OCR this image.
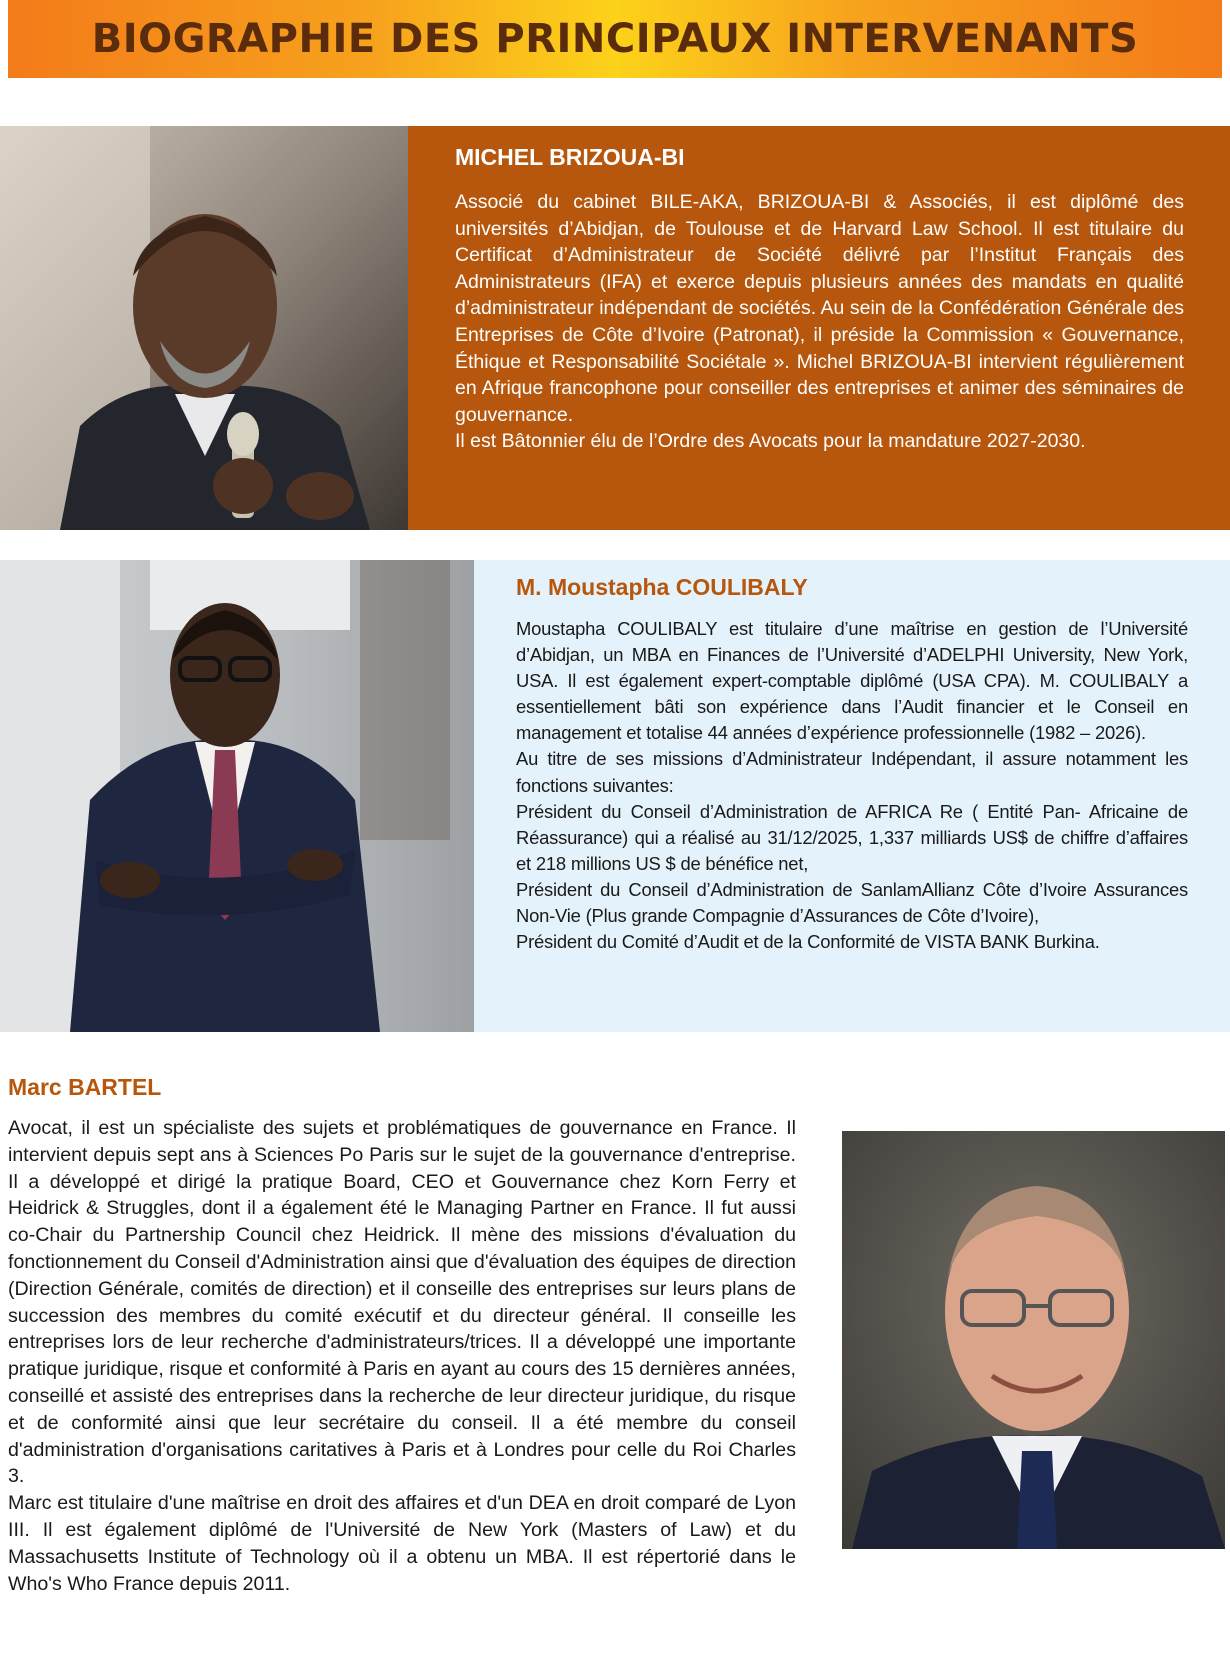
BIOGRAPHIE DES PRINCIPAUX INTERVENANTS
MICHEL BRIZOUA-BI

Associé du cabinet BILE-AKA, BRIZOUA-BI & Associés, il est diplômé des universités d’Abidjan, de Toulouse et de Harvard Law School. Il est titulaire du Certificat d’Administrateur de Société délivré par l’Institut Français des Administrateurs (IFA) et exerce depuis plusieurs années des mandats en qualité d’administrateur indépendant de sociétés. Au sein de la Confédération Générale des Entreprises de Côte d’Ivoire (Patronat), il préside la Commission « Gouvernance, Éthique et Responsabilité Sociétale ». Michel BRIZOUA-BI intervient régulièrement en Afrique francophone pour conseiller des entreprises et animer des séminaires de gouvernance.

Il est Bâtonnier élu de l’Ordre des Avocats pour la mandature 2027-2030.

M. Moustapha COULIBALY

Moustapha COULIBALY est titulaire d’une maîtrise en gestion de l’Université d’Abidjan, un MBA en Finances de l’Université d’ADELPHI University, New York, USA. Il est également expert-comptable diplômé (USA CPA). M. COULIBALY a essentiellement bâti son expérience dans l’Audit financier et le Conseil en management et totalise 44 années d’expérience professionnelle (1982 – 2026).

Au titre de ses missions d’Administrateur Indépendant, il assure notamment les fonctions suivantes:

Président du Conseil d’Administration de AFRICA Re ( Entité Pan- Africaine de Réassurance) qui a réalisé au 31/12/2025, 1,337 milliards US$ de chiffre d’affaires et 218 millions US $ de bénéfice net,

Président du Conseil d’Administration de SanlamAllianz Côte d’Ivoire Assurances Non-Vie (Plus grande Compagnie d’Assurances de Côte d’Ivoire),

Président du Comité d’Audit et de la Conformité de VISTA BANK Burkina.

Marc BARTEL

Avocat, il est un spécialiste des sujets et problématiques de gouvernance en France. Il intervient depuis sept ans à Sciences Po Paris sur le sujet de la gouvernance d'entreprise. Il a développé et dirigé la pratique Board, CEO et Gouvernance chez Korn Ferry et Heidrick & Struggles, dont il a également été le Managing Partner en France. Il fut aussi co-Chair du Partnership Council chez Heidrick. Il mène des missions d'évaluation du fonctionnement du Conseil d'Administration ainsi que d'évaluation des équipes de direction (Direction Générale, comités de direction) et il conseille des entreprises sur leurs plans de succession des membres du comité exécutif et du directeur général. Il conseille les entreprises lors de leur recherche d'administrateurs/trices. Il a développé une importante pratique juridique, risque et conformité à Paris en ayant au cours des 15 dernières années, conseillé et assisté des entreprises dans la recherche de leur directeur juridique, du risque et de conformité ainsi que leur secrétaire du conseil. Il a été membre du conseil d'administration d'organisations caritatives à Paris et à Londres pour celle du Roi Charles 3.

Marc est titulaire d'une maîtrise en droit des affaires et d'un DEA en droit comparé de Lyon III. Il est également diplômé de l'Université de New York (Masters of Law) et du Massachusetts Institute of Technology où il a obtenu un MBA. Il est répertorié dans le Who's Who France depuis 2011.
